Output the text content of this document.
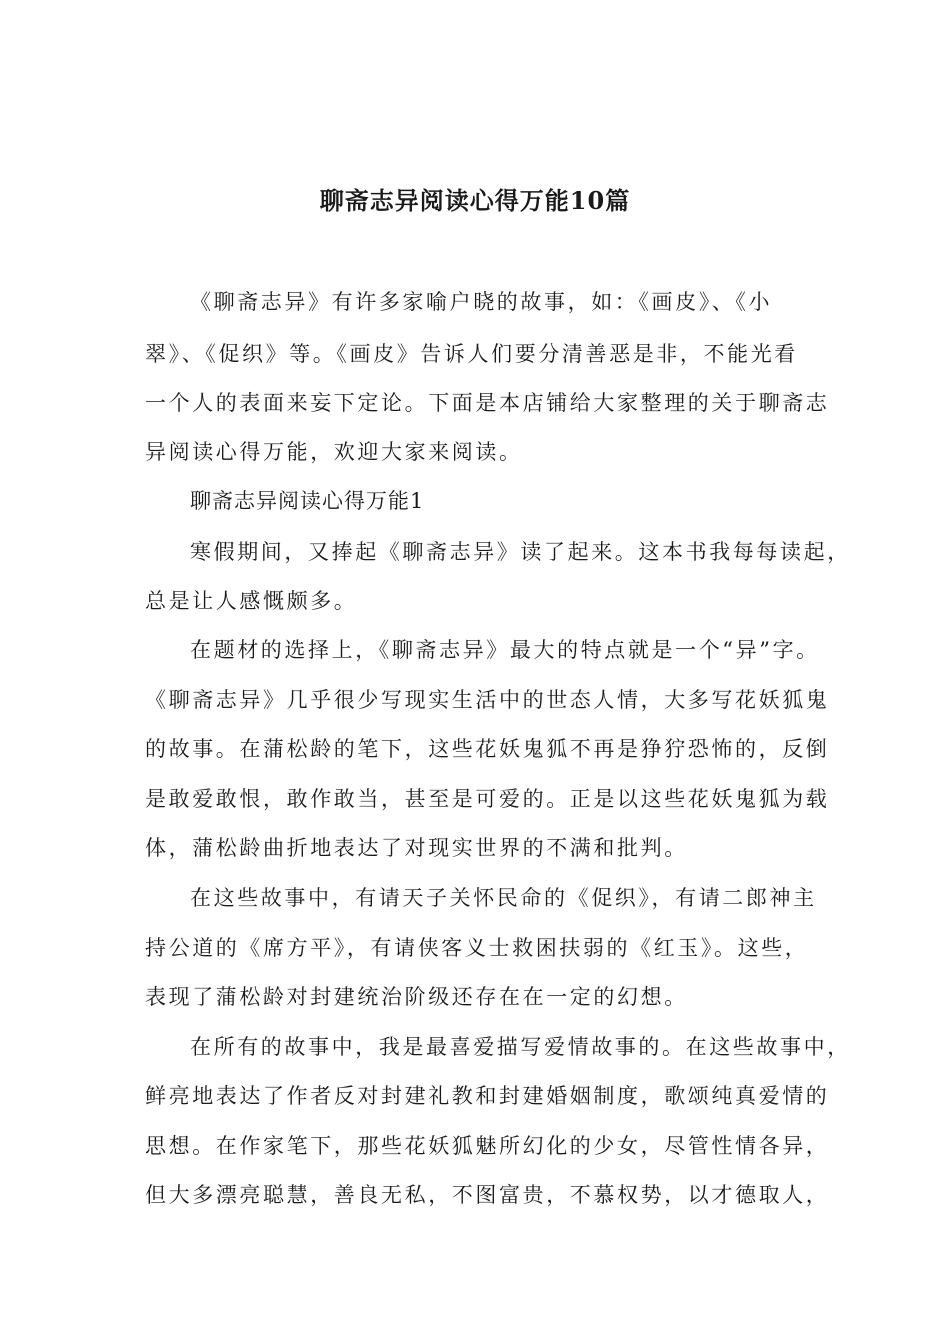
聊斋志异阅读心得万能10篇
《聊斋志异》有许多家喻户晓的故事，如：《画皮》、《小
翠》、《促织》等。《画皮》告诉人们要分清善恶是非，不能光看
一个人的表面来妄下定论。下面是本店铺给大家整理的关于聊斋志
异阅读心得万能，欢迎大家来阅读。
聊斋志异阅读心得万能1
寒假期间，又捧起《聊斋志异》读了起来。这本书我每每读起，
总是让人感慨颇多。
在题材的选择上，《聊斋志异》最大的特点就是一个“异”字。
《聊斋志异》几乎很少写现实生活中的世态人情，大多写花妖狐鬼
的故事。在蒲松龄的笔下，这些花妖鬼狐不再是狰狞恐怖的，反倒
是敢爱敢恨，敢作敢当，甚至是可爱的。正是以这些花妖鬼狐为载
体，蒲松龄曲折地表达了对现实世界的不满和批判。
在这些故事中，有请天子关怀民命的《促织》，有请二郎神主
持公道的《席方平》，有请侠客义士救困扶弱的《红玉》。这些，
表现了蒲松龄对封建统治阶级还存在在一定的幻想。
在所有的故事中，我是最喜爱描写爱情故事的。在这些故事中，
鲜亮地表达了作者反对封建礼教和封建婚姻制度，歌颂纯真爱情的
思想。在作家笔下，那些花妖狐魅所幻化的少女，尽管性情各异，
但大多漂亮聪慧，善良无私，不图富贵，不慕权势，以才德取人，
